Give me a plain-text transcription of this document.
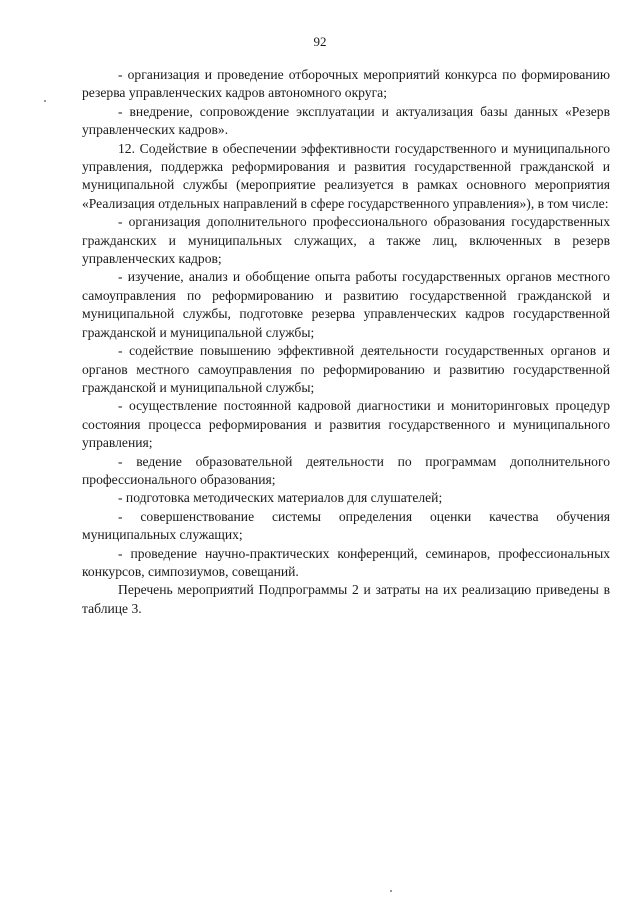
92

- организация и проведение отборочных мероприятий конкурса по формированию резерва управленческих кадров автономного округа;

- внедрение, сопровождение эксплуатации и актуализация базы данных «Резерв управленческих кадров».

12. Содействие в обеспечении эффективности государственного и муниципального управления, поддержка реформирования и развития государственной гражданской и муниципальной службы (мероприятие реализуется в рамках основного мероприятия «Реализация отдельных направлений в сфере государственного управления»), в том числе:

- организация дополнительного профессионального образования государственных гражданских и муниципальных служащих, а также лиц, включенных в резерв управленческих кадров;

- изучение, анализ и обобщение опыта работы государственных органов местного самоуправления по реформированию и развитию государственной гражданской и муниципальной службы, подготовке резерва управленческих кадров государственной гражданской и муниципальной службы;

- содействие повышению эффективной деятельности государственных органов и органов местного самоуправления по реформированию и развитию государственной гражданской и муниципальной службы;

- осуществление постоянной кадровой диагностики и мониторинговых процедур состояния процесса реформирования и развития государственного и муниципального управления;

- ведение образовательной деятельности по программам дополнительного профессионального образования;

- подготовка методических материалов для слушателей;

- совершенствование системы определения оценки качества обучения муниципальных служащих;

- проведение научно-практических конференций, семинаров, профессиональных конкурсов, симпозиумов, совещаний.

Перечень мероприятий Подпрограммы 2 и затраты на их реализацию приведены в таблице 3.
